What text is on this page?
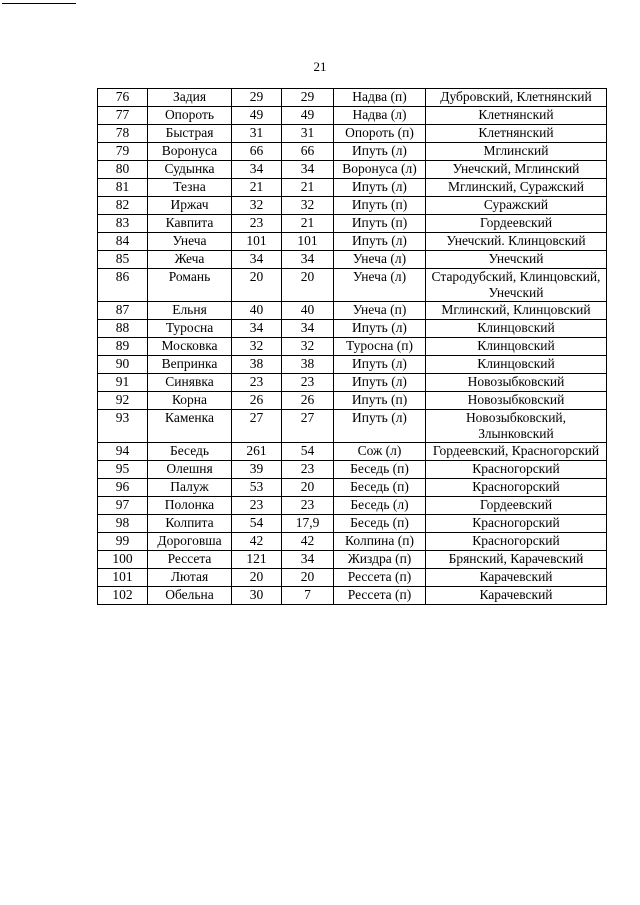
21
76	Задия	29	29	Надва (п)	Дубровский, Клетнянский
77	Опороть	49	49	Надва (л)	Клетнянский
78	Быстрая	31	31	Опороть (п)	Клетнянский
79	Воронуса	66	66	Ипуть (л)	Мглинский
80	Судынка	34	34	Воронуса (л)	Унечский, Мглинский
81	Тезна	21	21	Ипуть (л)	Мглинский, Суражский
82	Иржач	32	32	Ипуть (п)	Суражский
83	Кавпита	23	21	Ипуть (п)	Гордеевский
84	Унеча	101	101	Ипуть (л)	Унечский. Клинцовский
85	Жеча	34	34	Унеча (л)	Унечский
86	Романь	20	20	Унеча (л)	Стародубский, Клинцовский, Унечский
87	Ельня	40	40	Унеча (п)	Мглинский, Клинцовский
88	Туросна	34	34	Ипуть (л)	Клинцовский
89	Московка	32	32	Туросна (п)	Клинцовский
90	Вепринка	38	38	Ипуть (л)	Клинцовский
91	Синявка	23	23	Ипуть (л)	Новозыбковский
92	Корна	26	26	Ипуть (п)	Новозыбковский
93	Каменка	27	27	Ипуть (л)	Новозыбковский, Злынковский
94	Беседь	261	54	Сож (л)	Гордеевский, Красногорский
95	Олешня	39	23	Беседь (п)	Красногорский
96	Палуж	53	20	Беседь (п)	Красногорский
97	Полонка	23	23	Беседь (л)	Гордеевский
98	Колпита	54	17,9	Беседь (п)	Красногорский
99	Дороговша	42	42	Колпина (п)	Красногорский
100	Рессета	121	34	Жиздра (п)	Брянский, Карачевский
101	Лютая	20	20	Рессета (п)	Карачевский
102	Обельна	30	7	Рессета (п)	Карачевский
